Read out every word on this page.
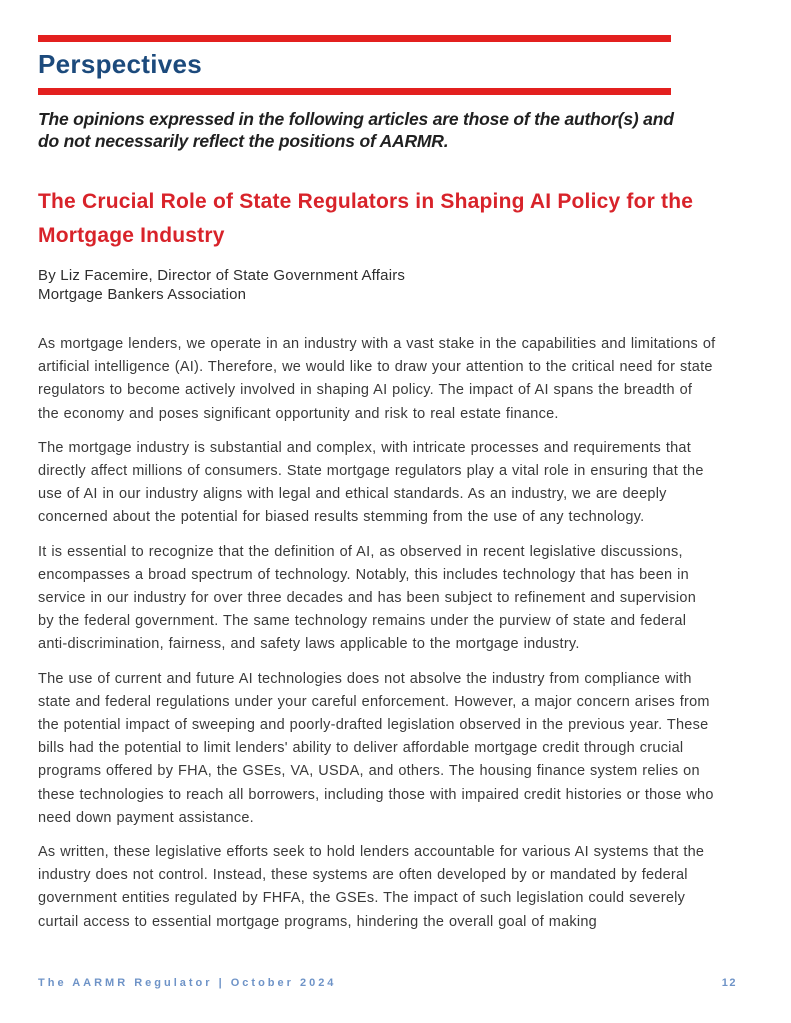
Perspectives

The opinions expressed in the following articles are those of the author(s) and do not necessarily reflect the positions of AARMR.

The Crucial Role of State Regulators in Shaping AI Policy for the Mortgage Industry

By Liz Facemire, Director of State Government Affairs
Mortgage Bankers Association

As mortgage lenders, we operate in an industry with a vast stake in the capabilities and limitations of artificial intelligence (AI). Therefore, we would like to draw your attention to the critical need for state regulators to become actively involved in shaping AI policy. The impact of AI spans the breadth of the economy and poses significant opportunity and risk to real estate finance.

The mortgage industry is substantial and complex, with intricate processes and requirements that directly affect millions of consumers. State mortgage regulators play a vital role in ensuring that the use of AI in our industry aligns with legal and ethical standards. As an industry, we are deeply concerned about the potential for biased results stemming from the use of any technology.

It is essential to recognize that the definition of AI, as observed in recent legislative discussions, encompasses a broad spectrum of technology. Notably, this includes technology that has been in service in our industry for over three decades and has been subject to refinement and supervision by the federal government. The same technology remains under the purview of state and federal anti-discrimination, fairness, and safety laws applicable to the mortgage industry.

The use of current and future AI technologies does not absolve the industry from compliance with state and federal regulations under your careful enforcement. However, a major concern arises from the potential impact of sweeping and poorly-drafted legislation observed in the previous year. These bills had the potential to limit lenders' ability to deliver affordable mortgage credit through crucial programs offered by FHA, the GSEs, VA, USDA, and others. The housing finance system relies on these technologies to reach all borrowers, including those with impaired credit histories or those who need down payment assistance.

As written, these legislative efforts seek to hold lenders accountable for various AI systems that the industry does not control. Instead, these systems are often developed by or mandated by federal government entities regulated by FHFA, the GSEs. The impact of such legislation could severely curtail access to essential mortgage programs, hindering the overall goal of making

The AARMR Regulator | October 2024	12
